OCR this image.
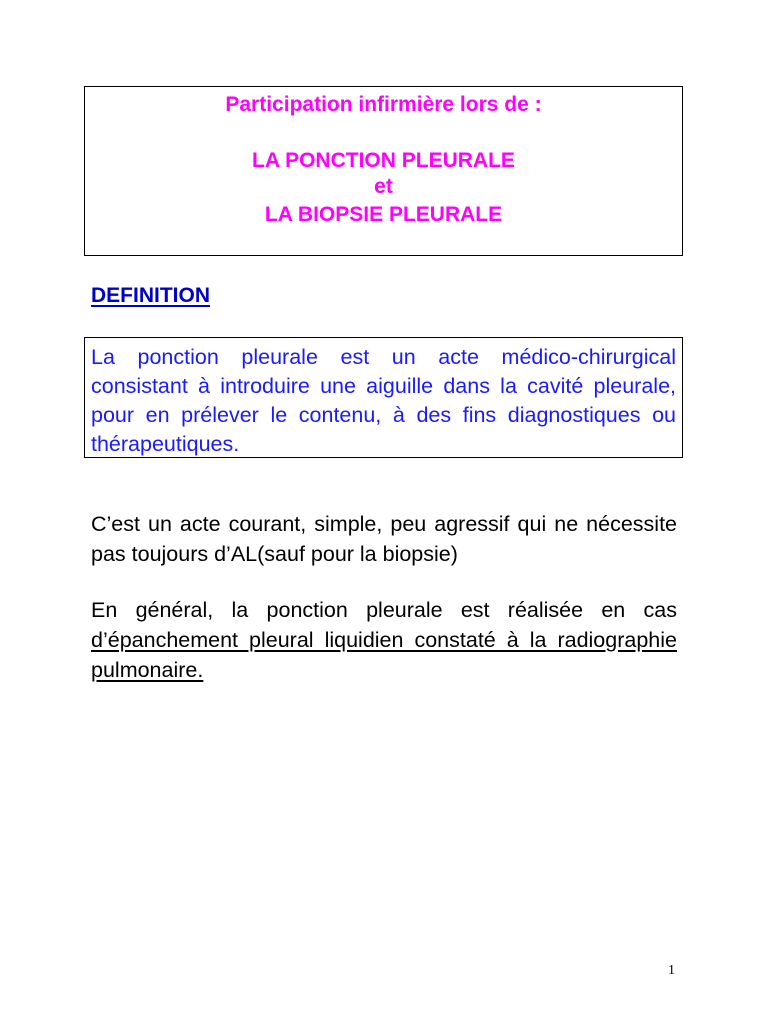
Participation infirmière lors de :
LA PONCTION PLEURALE
et
LA BIOPSIE PLEURALE
DEFINITION
La ponction pleurale est un acte médico-chirurgical consistant à introduire une aiguille dans la cavité pleurale, pour en prélever le contenu, à des fins diagnostiques ou thérapeutiques.
C’est un acte courant, simple, peu agressif qui ne nécessite pas toujours d’AL(sauf pour la biopsie)
En général, la ponction pleurale est réalisée en cas d’épanchement pleural liquidien constaté à la radiographie pulmonaire.
1
